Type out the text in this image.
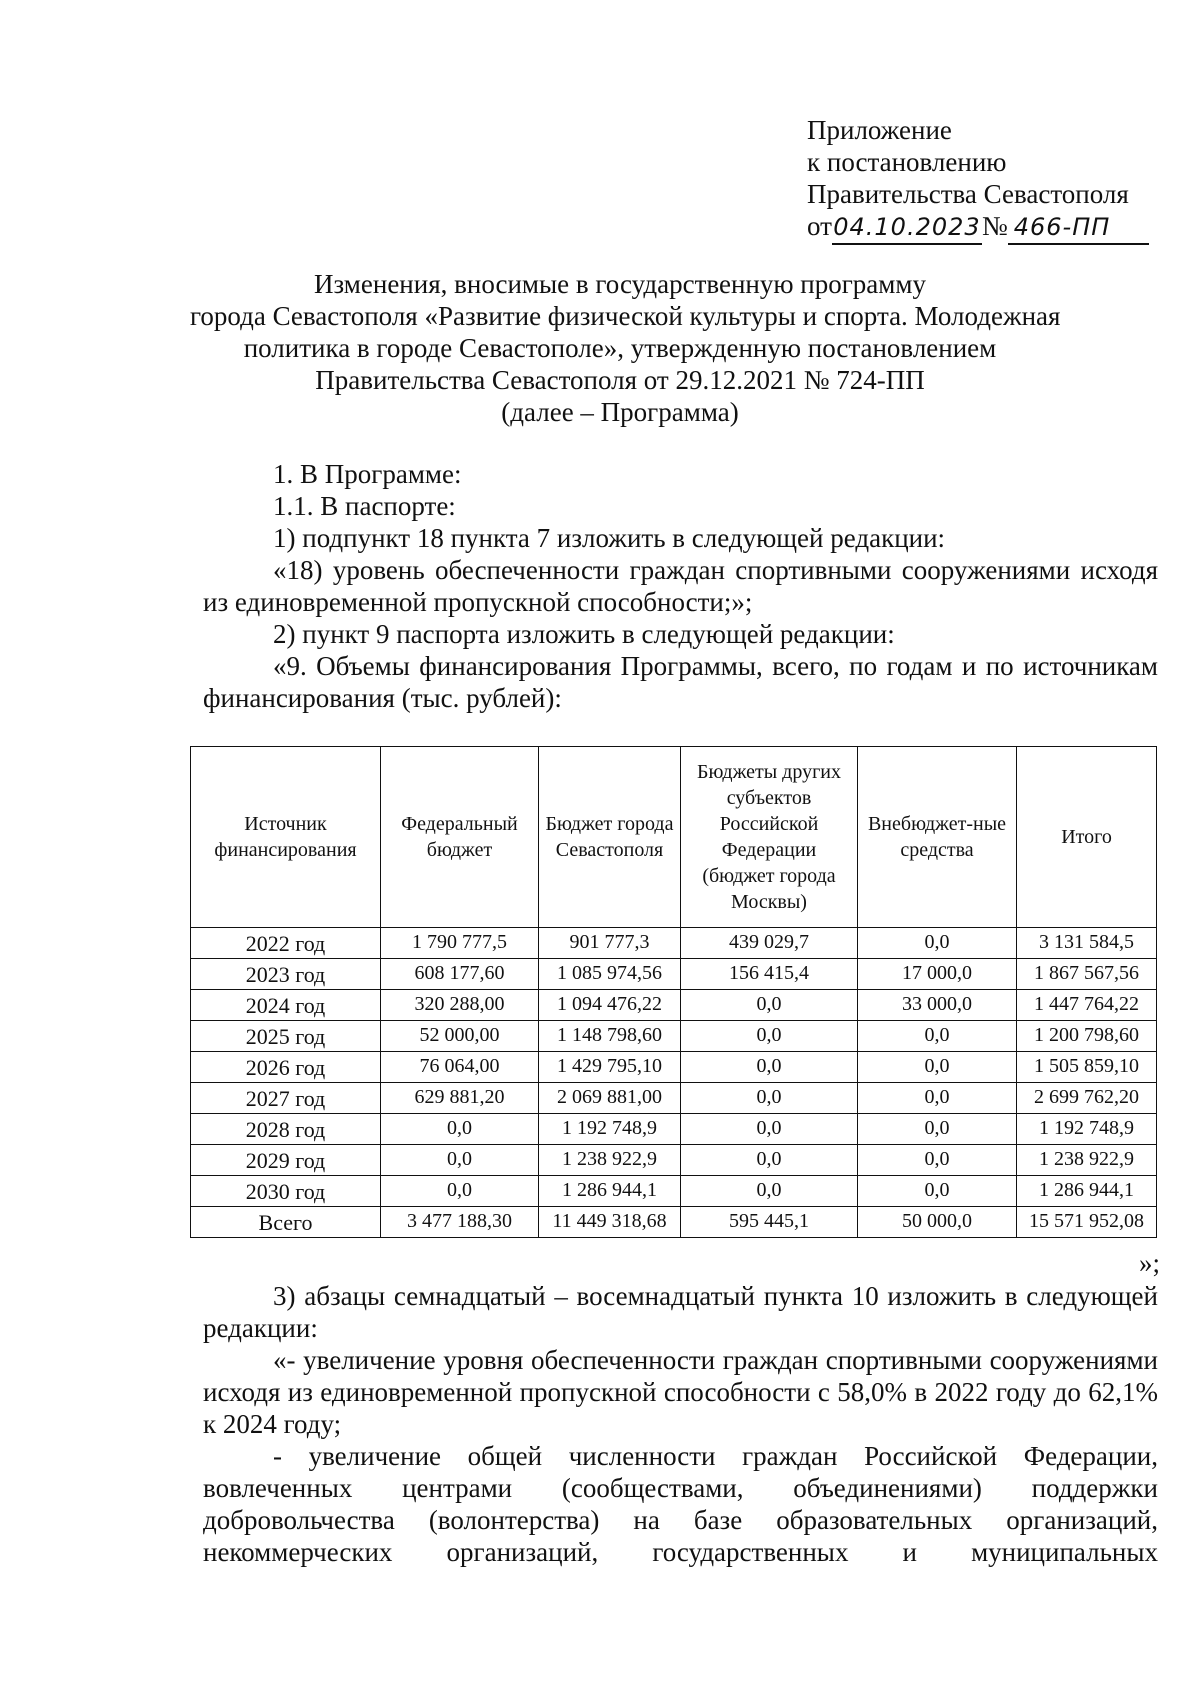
Приложение
к постановлению
Правительства Севастополя
от04.10.2023№ 466-ПП
Изменения, вносимые в государственную программу
города Севастополя «Развитие физической культуры и спорта. Молодежная
политика в городе Севастополе», утвержденную постановлением
Правительства Севастополя от 29.12.2021 № 724-ПП
(далее – Программа)

1. В Программе:

1.1. В паспорте:

1) подпункт 18 пункта 7 изложить в следующей редакции:

«18) уровень обеспеченности граждан спортивными сооружениями исходя из единовременной пропускной способности;»;

2) пункт 9 паспорта изложить в следующей редакции:

«9. Объемы финансирования Программы, всего, по годам и по источникам финансирования (тыс. рублей):

Источник финансирования	Федеральный бюджет	Бюджет города Севастополя	Бюджеты других субъектов Российской Федерации (бюджет города Москвы)	Внебюджет-ные средства	Итого
2022 год	1 790 777,5	901 777,3	439 029,7	0,0	3 131 584,5
2023 год	608 177,60	1 085 974,56	156 415,4	17 000,0	1 867 567,56
2024 год	320 288,00	1 094 476,22	0,0	33 000,0	1 447 764,22
2025 год	52 000,00	1 148 798,60	0,0	0,0	1 200 798,60
2026 год	76 064,00	1 429 795,10	0,0	0,0	1 505 859,10
2027 год	629 881,20	2 069 881,00	0,0	0,0	2 699 762,20
2028 год	0,0	1 192 748,9	0,0	0,0	1 192 748,9
2029 год	0,0	1 238 922,9	0,0	0,0	1 238 922,9
2030 год	0,0	1 286 944,1	0,0	0,0	1 286 944,1
Всего	3 477 188,30	11 449 318,68	595 445,1	50 000,0	15 571 952,08
»;

3) абзацы семнадцатый – восемнадцатый пункта 10 изложить в следующей редакции:

«- увеличение уровня обеспеченности граждан спортивными сооружениями исходя из единовременной пропускной способности с 58,0% в 2022 году до 62,1% к 2024 году;

- увеличение общей численности граждан Российской Федерации, вовлеченных центрами (сообществами, объединениями) поддержки добровольчества (волонтерства) на базе образовательных организаций, некоммерческих организаций, государственных и муниципальных
